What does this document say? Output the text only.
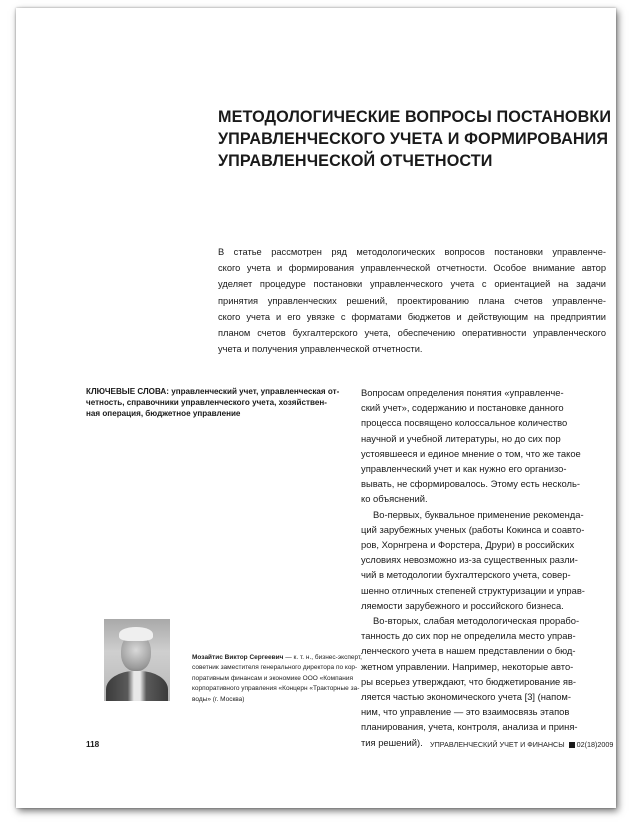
МЕТОДОЛОГИЧЕСКИЕ ВОПРОСЫ ПОСТАНОВКИ
УПРАВЛЕНЧЕСКОГО УЧЕТА И ФОРМИРОВАНИЯ
УПРАВЛЕНЧЕСКОЙ ОТЧЕТНОСТИ

В статье рассмотрен ряд методологических вопросов постановки управленче-
ского учета и формирования управленческой отчетности. Особое внимание автор
уделяет процедуре постановки управленческого учета с ориентацией на задачи
принятия управленческих решений, проектированию плана счетов управленче-
ского учета и его увязке с форматами бюджетов и действующим на предприятии
планом счетов бухгалтерского учета, обеспечению оперативности управленческого
учета и получения управленческой отчетности.

КЛЮЧЕВЫЕ СЛОВА: управленческий учет, управленческая от-
четность, справочники управленческого учета, хозяйствен-
ная операция, бюджетное управление

Вопросам определения понятия «управленче-
ский учет», содержанию и постановке данного
процесса посвящено колоссальное количество
научной и учебной литературы, но до сих пор
устоявшееся и единое мнение о том, что же такое
управленческий учет и как нужно его организо-
вывать, не сформировалось. Этому есть несколь-
ко объяснений.
Во-первых, буквальное применение рекоменда-
ций зарубежных ученых (работы Кокинса и соавто-
ров, Хорнгрена и Форстера, Друри) в российских
условиях невозможно из-за существенных разли-
чий в методологии бухгалтерского учета, совер-
шенно отличных степеней структуризации и управ-
ляемости зарубежного и российского бизнеса.
Во-вторых, слабая методологическая прорабо-
танность до сих пор не определила место управ-
ленческого учета в нашем представлении о бюд-
жетном управлении. Например, некоторые авто-
ры всерьез утверждают, что бюджетирование яв-
ляется частью экономического учета [3] (напом-
ним, что управление — это взаимосвязь этапов
планирования, учета, контроля, анализа и приня-
тия решений).

Мозайтис Виктор Сергеевич — к. т. н., бизнес-эксперт,
советник заместителя генерального директора по кор-
поративным финансам и экономике ООО «Компания
корпоративного управления «Концерн «Тракторные за-
воды» (г. Москва)

118	УПРАВЛЕНЧЕСКИЙ УЧЕТ И ФИНАНСЫ 02(18)2009
